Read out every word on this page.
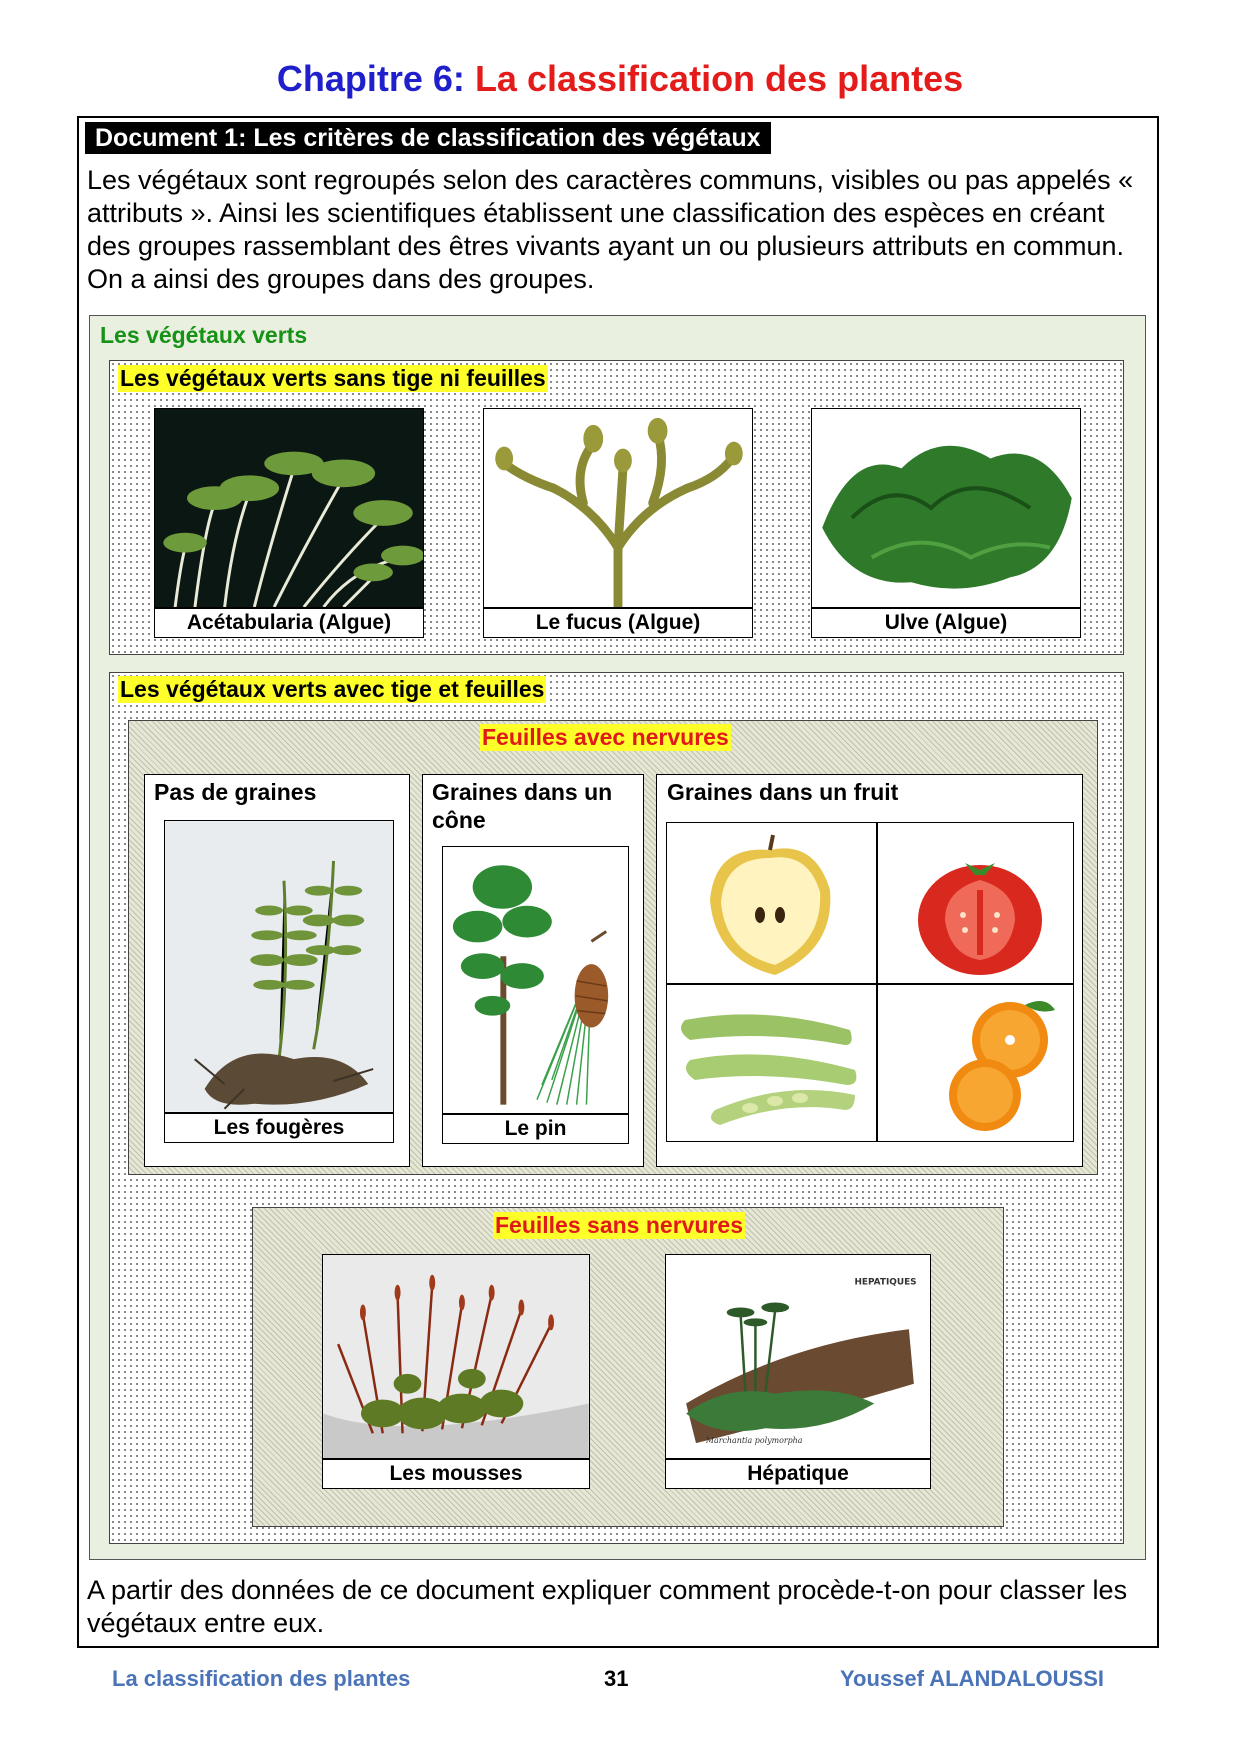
Chapitre 6: La classification des plantes
Document 1: Les critères de classification des végétaux
Les végétaux sont regroupés selon des caractères communs, visibles ou pas appelés « attributs ». Ainsi les scientifiques établissent une classification des espèces en créant des groupes rassemblant des êtres vivants ayant un ou plusieurs attributs en commun. On a ainsi des groupes dans des groupes.
Les végétaux verts
Les végétaux verts sans tige ni feuilles
Acétabularia (Algue)	Le fucus (Algue)	Ulve (Algue)
Les végétaux verts avec tige et feuilles
Feuilles avec nervures
Pas de graines
Les fougères
Graines dans un cône
Le pin
Graines dans un fruit
Feuilles sans nervures
Les mousses
HEPATIQUES
Marchantia polymorpha
Hépatique
A partir des données de ce document expliquer comment procède-t-on pour classer les végétaux entre eux.
La classification des plantes	31	Youssef ALANDALOUSSI
